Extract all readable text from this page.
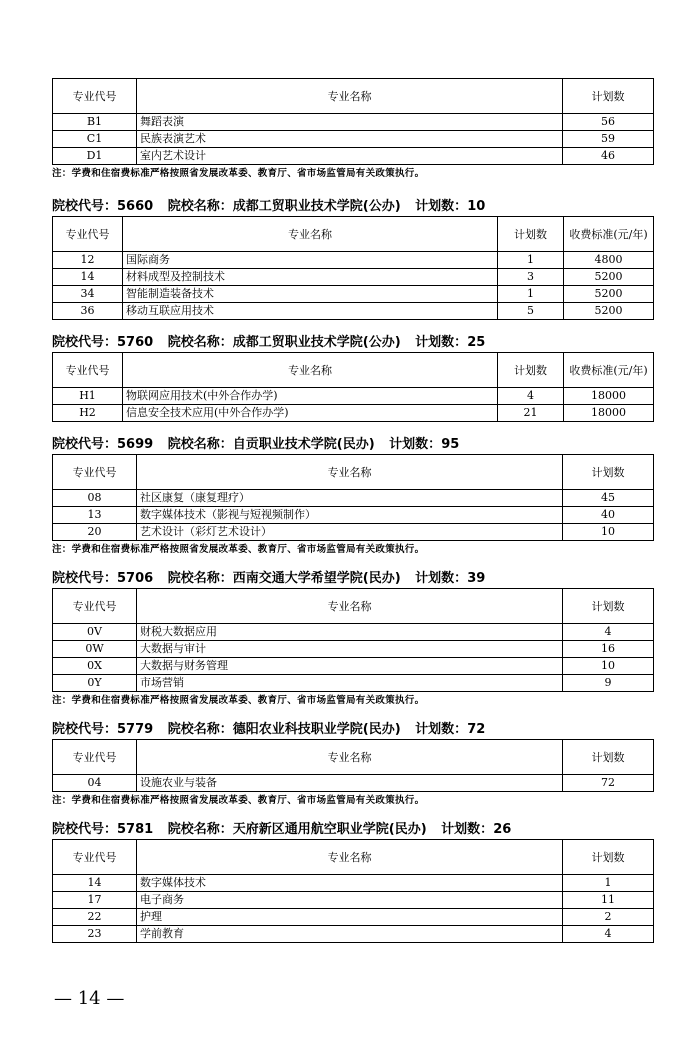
专业代号	专业名称	计划数
B1	舞蹈表演	56
C1	民族表演艺术	59
D1	室内艺术设计	46
注：学费和住宿费标准严格按照省发展改革委、教育厅、省市场监管局有关政策执行。
院校代号：5660 院校名称：成都工贸职业技术学院(公办) 计划数：10
专业代号	专业名称	计划数	收费标准(元/年)
12	国际商务	1	4800
14	材料成型及控制技术	3	5200
34	智能制造装备技术	1	5200
36	移动互联应用技术	5	5200
院校代号：5760 院校名称：成都工贸职业技术学院(公办) 计划数：25
专业代号	专业名称	计划数	收费标准(元/年)
H1	物联网应用技术(中外合作办学)	4	18000
H2	信息安全技术应用(中外合作办学)	21	18000
院校代号：5699 院校名称：自贡职业技术学院(民办) 计划数：95
专业代号	专业名称	计划数
08	社区康复（康复理疗）	45
13	数字媒体技术（影视与短视频制作）	40
20	艺术设计（彩灯艺术设计）	10
注：学费和住宿费标准严格按照省发展改革委、教育厅、省市场监管局有关政策执行。
院校代号：5706 院校名称：西南交通大学希望学院(民办) 计划数：39
专业代号	专业名称	计划数
0V	财税大数据应用	4
0W	大数据与审计	16
0X	大数据与财务管理	10
0Y	市场营销	9
注：学费和住宿费标准严格按照省发展改革委、教育厅、省市场监管局有关政策执行。
院校代号：5779 院校名称：德阳农业科技职业学院(民办) 计划数：72
专业代号	专业名称	计划数
04	设施农业与装备	72
注：学费和住宿费标准严格按照省发展改革委、教育厅、省市场监管局有关政策执行。
院校代号：5781 院校名称：天府新区通用航空职业学院(民办) 计划数：26
专业代号	专业名称	计划数
14	数字媒体技术	1
17	电子商务	11
22	护理	2
23	学前教育	4
— 14 —
